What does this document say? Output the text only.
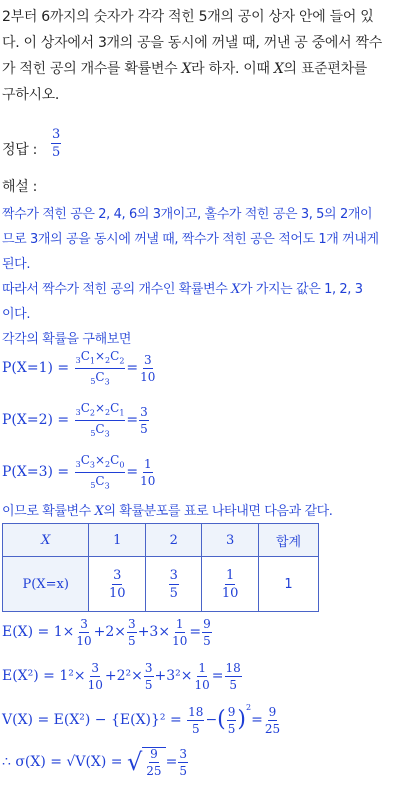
2부터 6까지의 숫자가 각각 적힌 5개의 공이 상자 안에 들어 있
다. 이 상자에서 3개의 공을 동시에 꺼낼 때, 꺼낸 공 중에서 짝수
가 적힌 공의 개수를 확률변수 X라 하자. 이때 X의 표준편차를
구하시오.
정답 : $\frac{3}{5}$
해설 :
짝수가 적힌 공은 2, 4, 6의 3개이고, 홀수가 적힌 공은 3, 5의 2개이
므로 3개의 공을 동시에 꺼낼 때, 짝수가 적힌 공은 적어도 1개 꺼내게
된다.
따라서 짝수가 적힌 공의 개수인 확률변수 X가 가지는 값은 1, 2, 3
이다.
각각의 확률을 구해보면
$P(X=1) = \frac{_3C_1\times_2C_2}{_5C_3} = \frac{3}{10}$
$P(X=2) = \frac{_3C_2\times_2C_1}{_5C_3} = \frac{3}{5}$
$P(X=3) = \frac{_3C_3\times_2C_0}{_5C_3} = \frac{1}{10}$
이므로 확률변수 X의 확률분포를 표로 나타내면 다음과 같다.
X	1	2	3	합계
P(X=x)	$\frac{3}{10}$	$\frac{3}{5}$	$\frac{1}{10}$	1
$E(X) = 1\times \frac{3}{10} +2\times \frac{3}{5} +3\times \frac{1}{10} = \frac{9}{5}$
$E(X^2) = 1^2\times \frac{3}{10} +2^2\times \frac{3}{5} +3^2\times \frac{1}{10} = \frac{18}{5}$
V(X) = E(X²) − {E(X)}² =
$\frac{18}{5}$ − ( $\frac{9}{5} )^2$
= $\frac{9}{25}$
∴ σ(X) = √V(X) =
√ $\frac{9}{25} = \frac{3}{5}$
